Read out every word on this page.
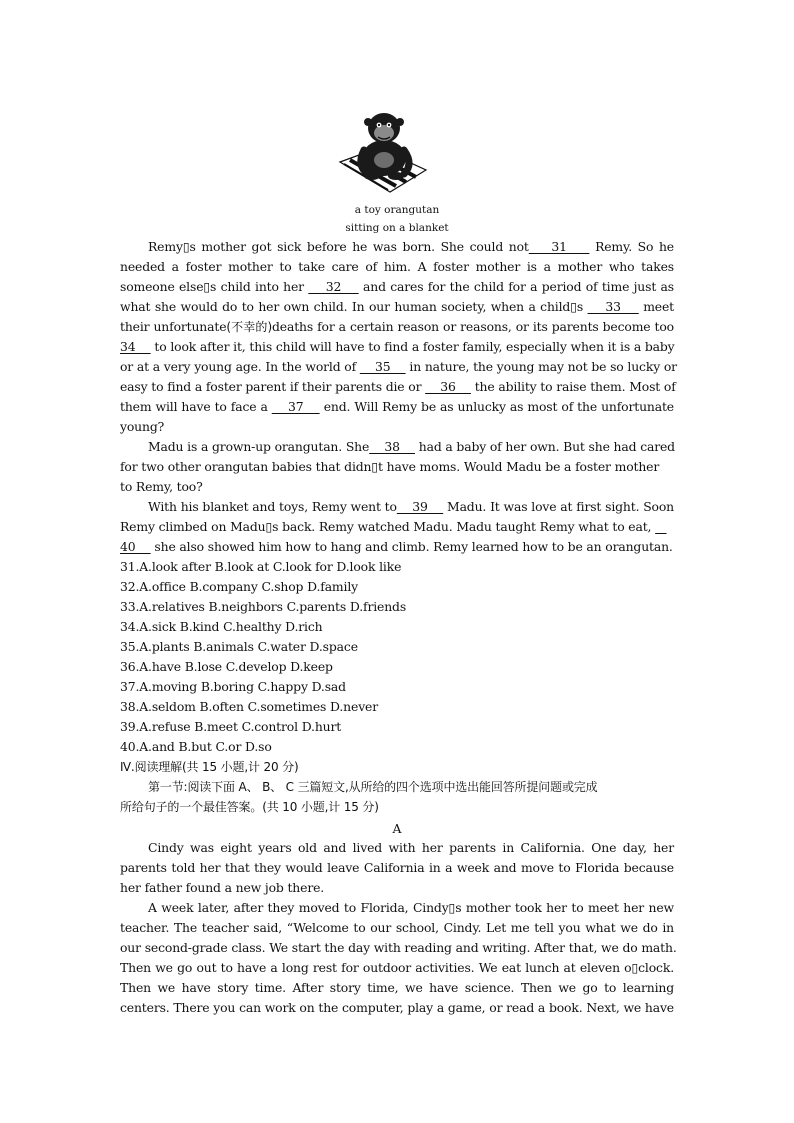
a toy orangutan
sitting on a blanket
Remy▯s mother got sick before he was born. She could not    31     Remy. So he
needed a foster mother to take care of him. A foster mother is a mother who takes
someone else▯s child into her     32     and cares for the child for a period of time just as
what she would do to her own child. In our human society, when a child▯s     33     meet
their unfortunate(不幸的)deaths for a certain reason or reasons, or its parents become too
34     to look after it, this child will have to find a foster family, especially when it is a baby
or at a very young age. In the world of     35     in nature, the young may not be so lucky or
easy to find a foster parent if their parents die or     36     the ability to raise them. Most of
them will have to face a     37     end. Will Remy be as unlucky as most of the unfortunate
young?
Madu is a grown-up orangutan. She    38     had a baby of her own. But she had cared
for two other orangutan babies that didn▯t have moms. Would Madu be a foster mother
to Remy, too?
With his blanket and toys, Remy went to    39     Madu. It was love at first sight. Soon
Remy climbed on Madu▯s back. Remy watched Madu. Madu taught Remy what to eat,
40     she also showed him how to hang and climb. Remy learned how to be an orangutan.
31.A.look after B.look at C.look for D.look like
32.A.office B.company C.shop D.family
33.A.relatives B.neighbors C.parents D.friends
34.A.sick B.kind C.healthy D.rich
35.A.plants B.animals C.water D.space
36.A.have B.lose C.develop D.keep
37.A.moving B.boring C.happy D.sad
38.A.seldom B.often C.sometimes D.never
39.A.refuse B.meet C.control D.hurt
40.A.and B.but C.or D.so
Ⅳ.阅读理解(共 15 小题,计 20 分)
第一节:阅读下面 A、 B、 C 三篇短文,从所给的四个选项中选出能回答所提问题或完成
所给句子的一个最佳答案。(共 10 小题,计 15 分)
A
Cindy was eight years old and lived with her parents in California. One day, her
parents told her that they would leave California in a week and move to Florida because
her father found a new job there.
A week later, after they moved to Florida, Cindy▯s mother took her to meet her new
teacher. The teacher said, “Welcome to our school, Cindy. Let me tell you what we do in
our second-grade class. We start the day with reading and writing. After that, we do math.
Then we go out to have a long rest for outdoor activities. We eat lunch at eleven o▯clock.
Then we have story time. After story time, we have science. Then we go to learning
centers. There you can work on the computer, play a game, or read a book. Next, we have
